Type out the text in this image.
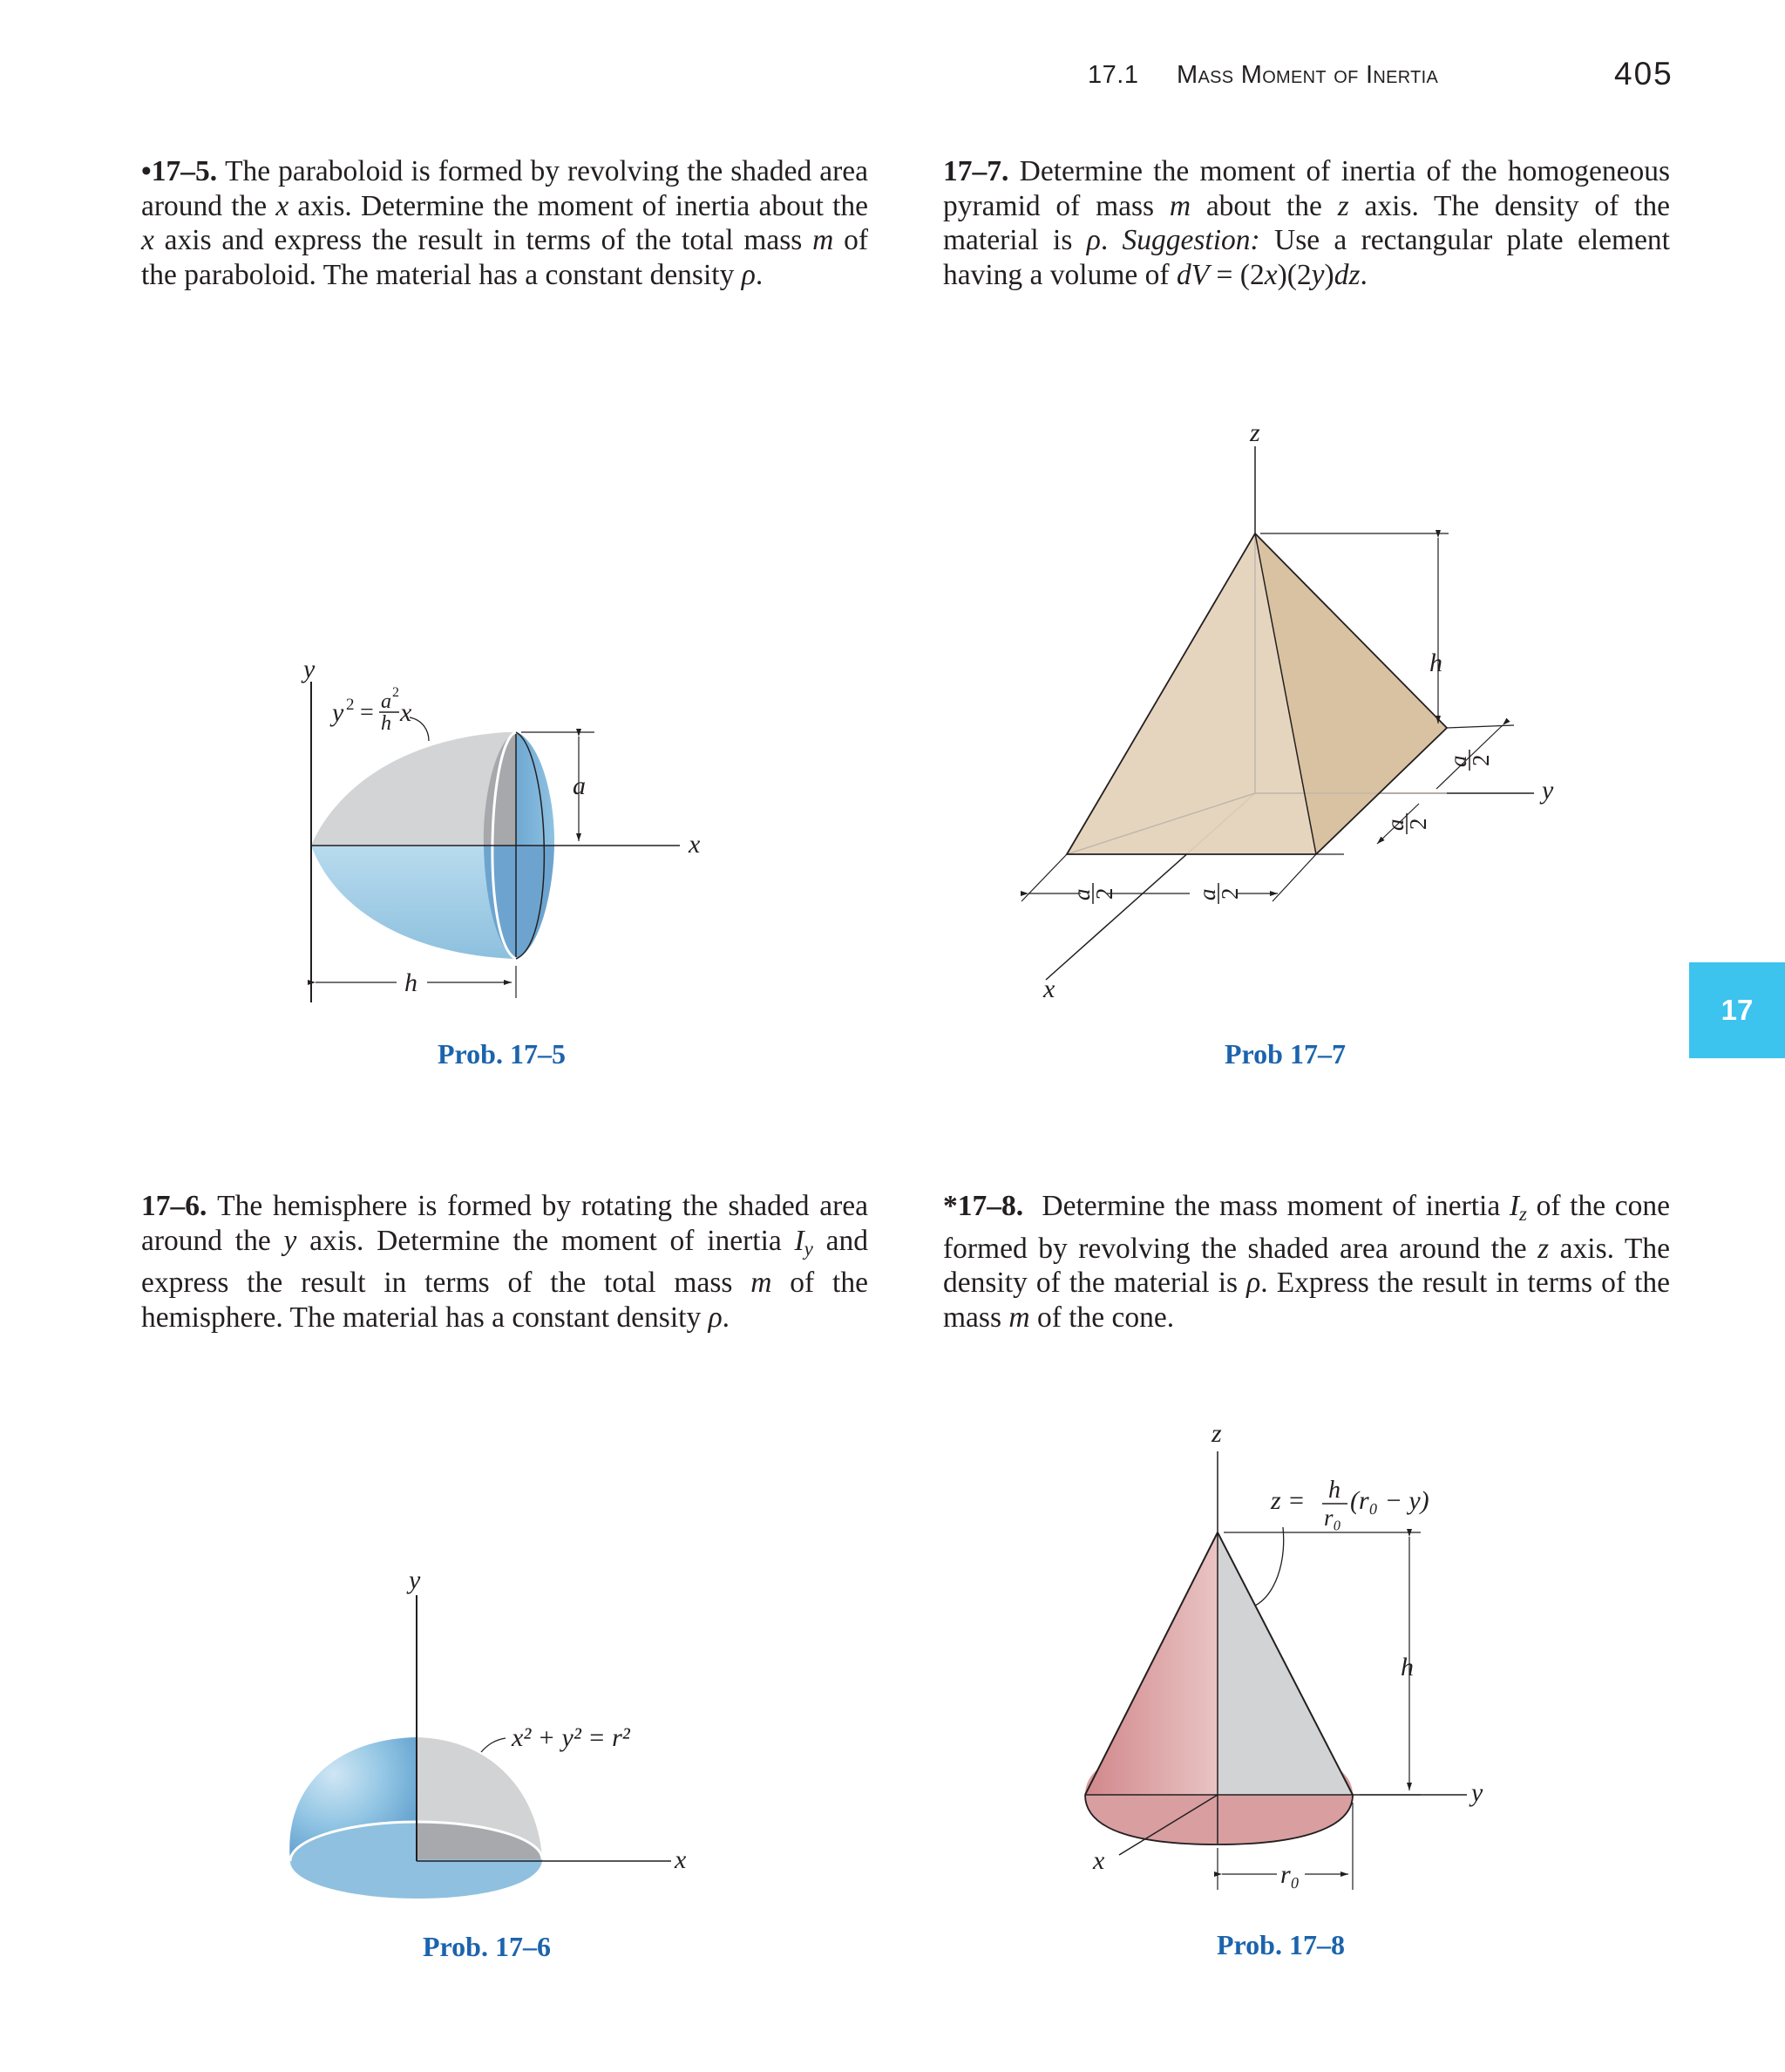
17.1 Mass Moment of Inertia	405

•17–5. The paraboloid is formed by revolving the shaded area around the x axis. Determine the moment of inertia about the x axis and express the result in terms of the total mass m of the paraboloid. The material has a constant density ρ.

17–7. Determine the moment of inertia of the homogeneous pyramid of mass m about the z axis. The density of the material is ρ. Suggestion: Use a rectangular plate element having a volume of dV = (2x)(2y)dz.

17–6. The hemisphere is formed by rotating the shaded area around the y axis. Determine the moment of inertia $I_y$ and express the result in terms of the total mass m of the hemisphere. The material has a constant density ρ.

*17–8. Determine the mass moment of inertia $I_z$ of the cone formed by revolving the shaded area around the z axis. The density of the material is ρ. Express the result in terms of the mass m of the cone.

17
y
x
a
h
y 2 = a 2
h x
z
y
x
h
a
2
a
2
a
2	a
2
y
x
x² + y² = r²
z
y
x
h
r₀
z = h
r₀
(r₀ − y)
Prob. 17–5	Prob 17–7
Prob. 17–6	Prob. 17–8
